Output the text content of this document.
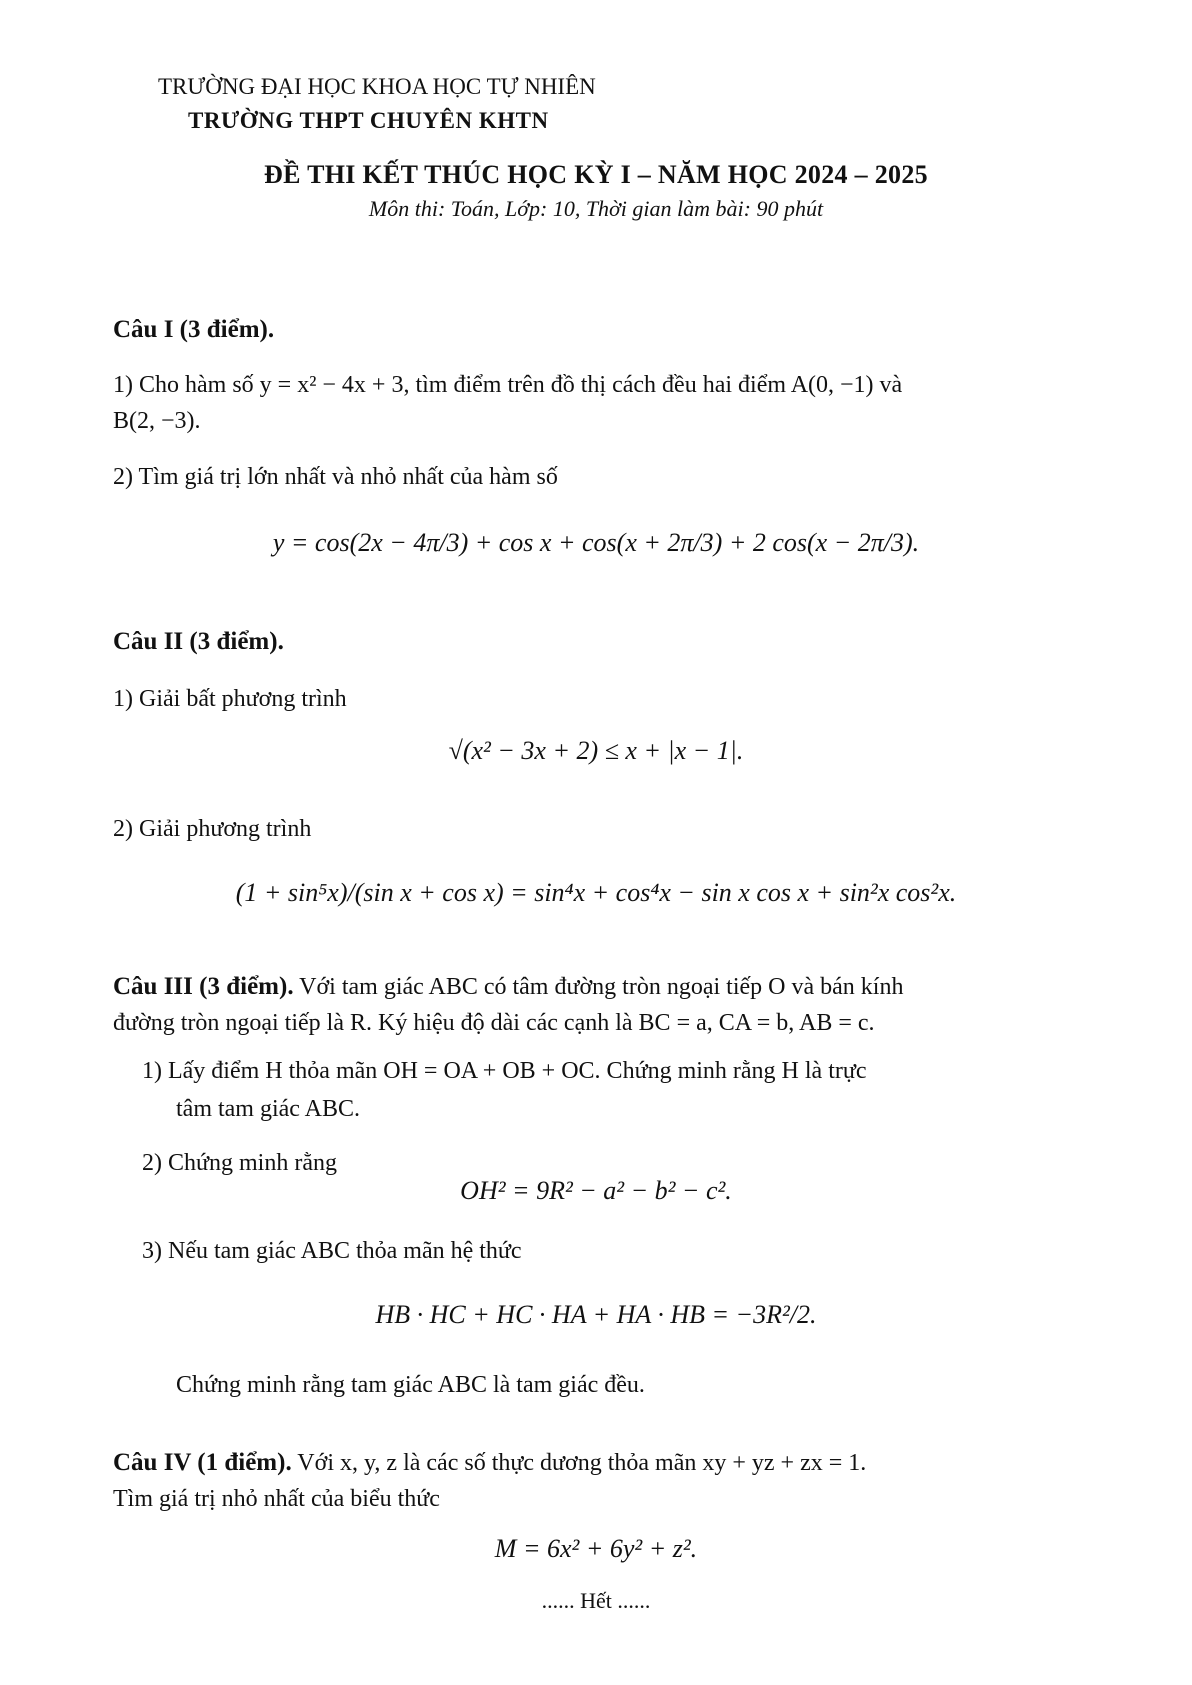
TRƯỜNG ĐẠI HỌC KHOA HỌC TỰ NHIÊN
TRƯỜNG THPT CHUYÊN KHTN
ĐỀ THI KẾT THÚC HỌC KỲ I – NĂM HỌC 2024 – 2025
Môn thi: Toán, Lớp: 10, Thời gian làm bài: 90 phút
Câu I (3 điểm).
1) Cho hàm số y = x² − 4x + 3, tìm điểm trên đồ thị cách đều hai điểm A(0, −1) và
B(2, −3).
2) Tìm giá trị lớn nhất và nhỏ nhất của hàm số
y = cos(2x − 4π/3) + cos x + cos(x + 2π/3) + 2 cos(x − 2π/3).
Câu II (3 điểm).
1) Giải bất phương trình
√(x² − 3x + 2) ≤ x + |x − 1|.
2) Giải phương trình
(1 + sin⁵x)/(sin x + cos x) = sin⁴x + cos⁴x − sin x cos x + sin²x cos²x.
Câu III (3 điểm). Với tam giác ABC có tâm đường tròn ngoại tiếp O và bán kính
đường tròn ngoại tiếp là R. Ký hiệu độ dài các cạnh là BC = a, CA = b, AB = c.
1) Lấy điểm H thỏa mãn OH = OA + OB + OC. Chứng minh rằng H là trực
tâm tam giác ABC.
2) Chứng minh rằng
OH² = 9R² − a² − b² − c².
3) Nếu tam giác ABC thỏa mãn hệ thức
HB · HC + HC · HA + HA · HB = −3R²/2.
Chứng minh rằng tam giác ABC là tam giác đều.
Câu IV (1 điểm). Với x, y, z là các số thực dương thỏa mãn xy + yz + zx = 1.
Tìm giá trị nhỏ nhất của biểu thức
M = 6x² + 6y² + z².
...... Hết ......
